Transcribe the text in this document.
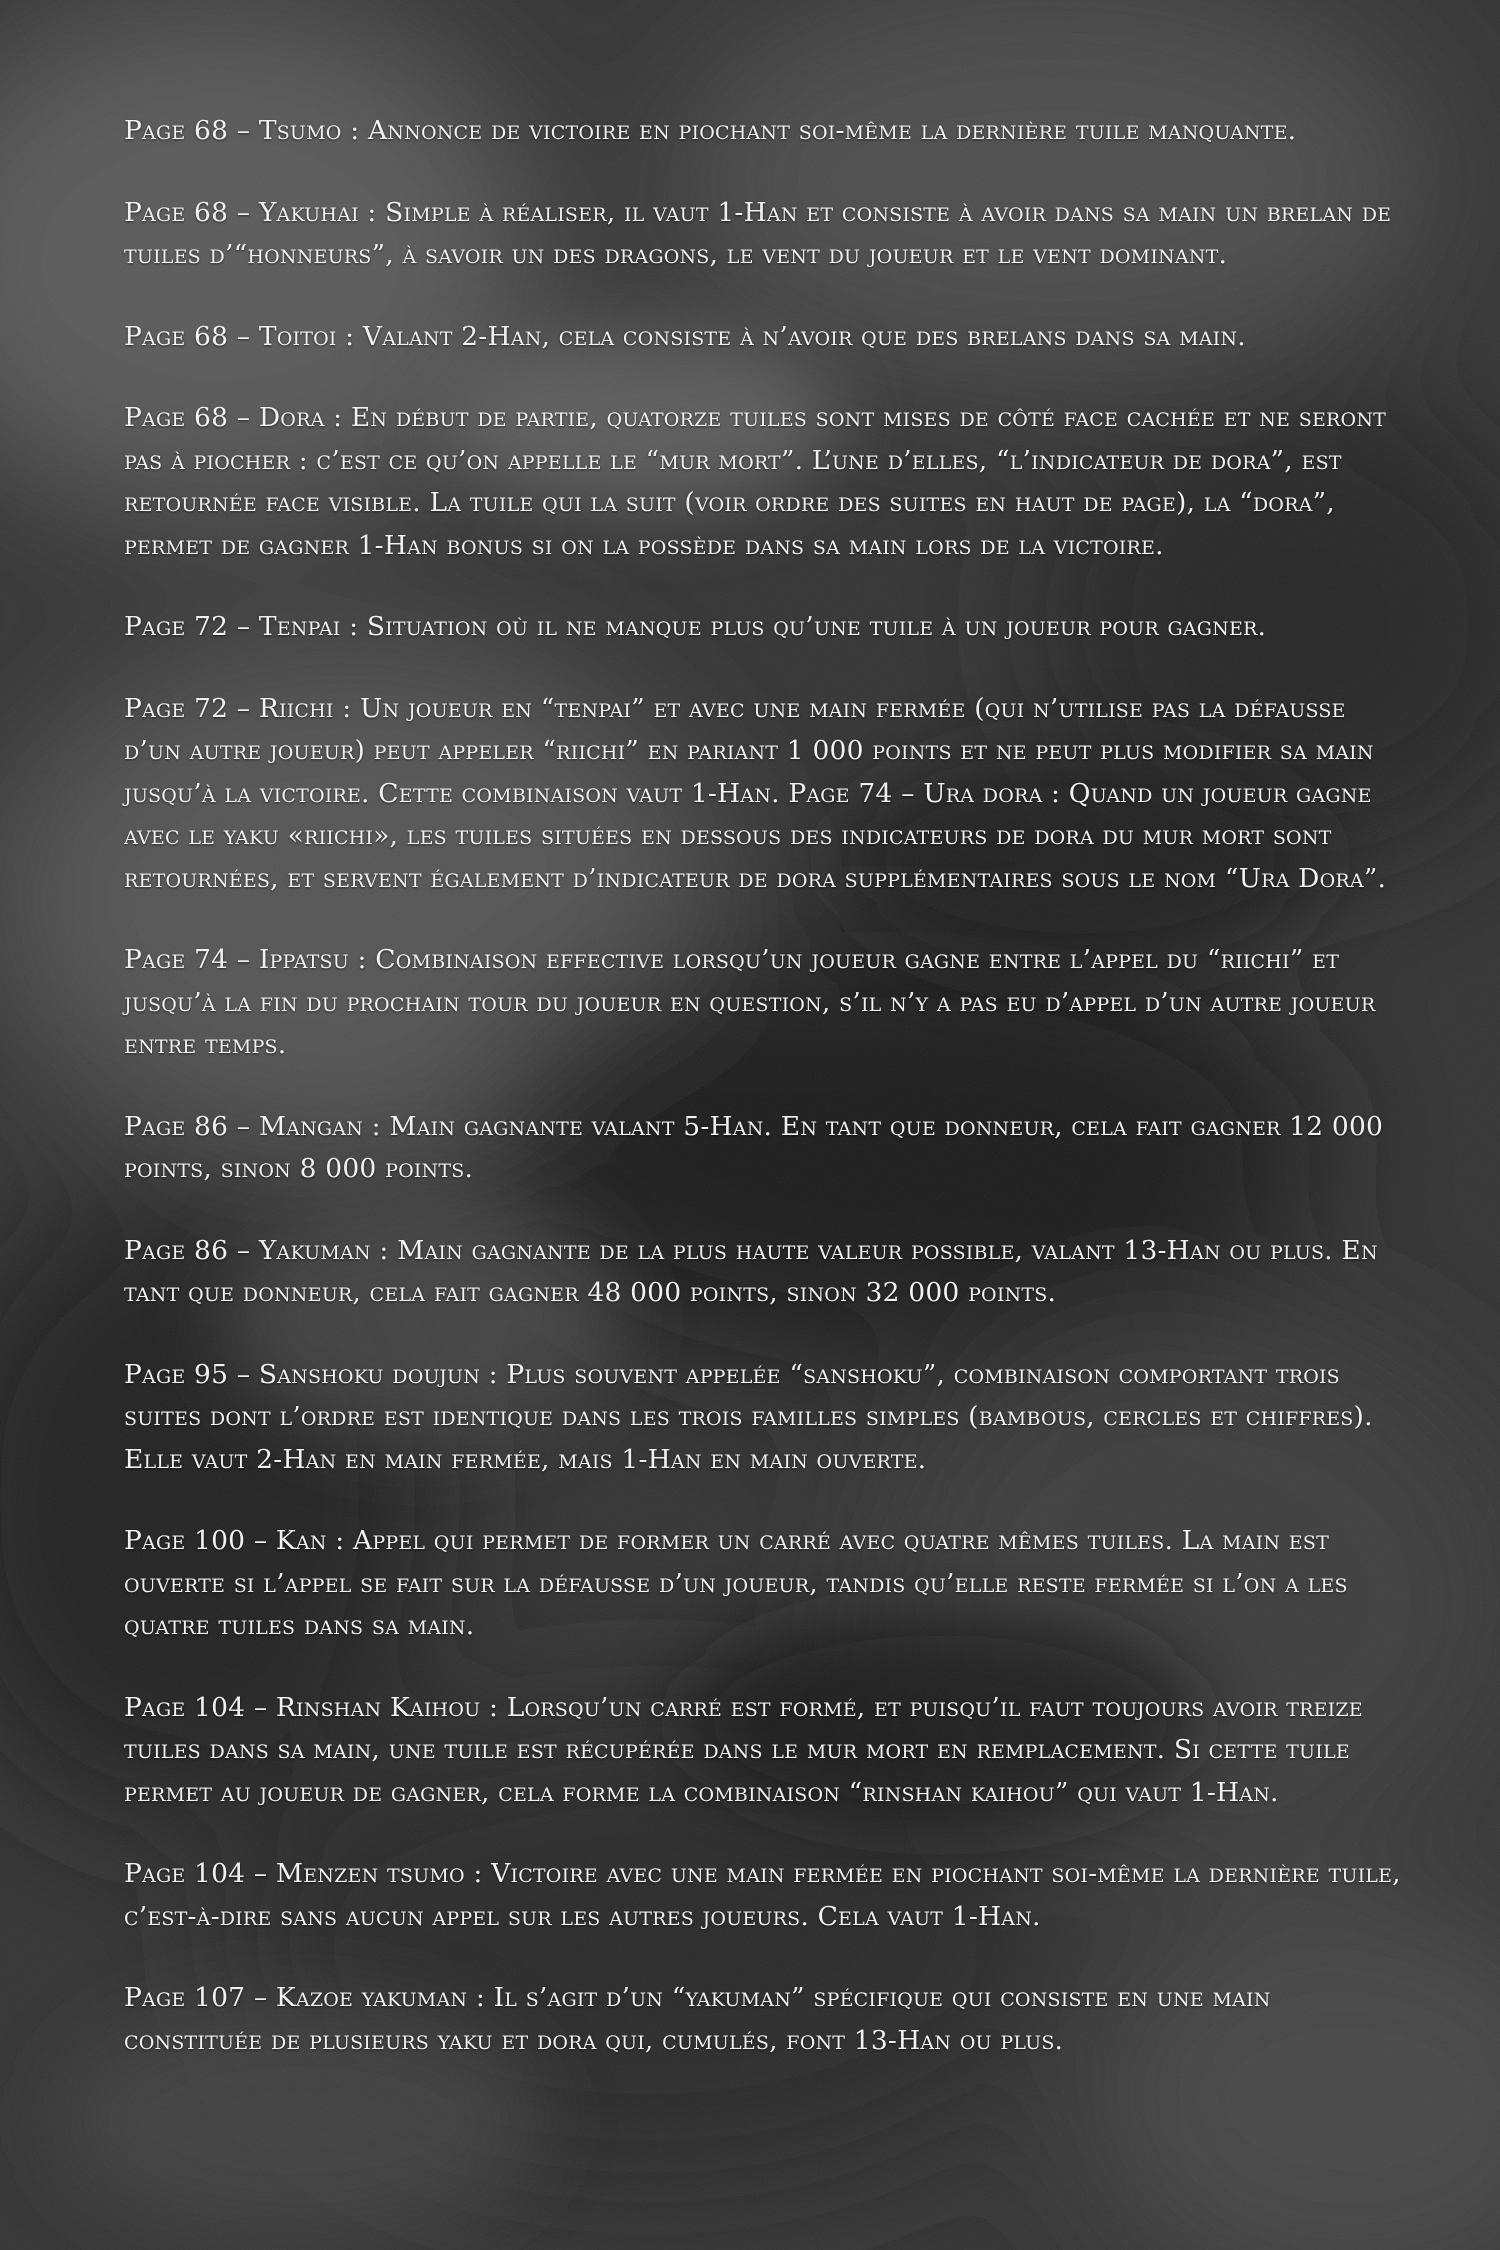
Page 68 – Tsumo : Annonce de victoire en piochant soi-même la dernière tuile manquante.

Page 68 – Yakuhai : Simple à réaliser, il vaut 1-Han et consiste à avoir dans sa main un brelan de tuiles d’“honneurs”, à savoir un des dragons, le vent du joueur et le vent dominant.

Page 68 – Toitoi : Valant 2-Han, cela consiste à n’avoir que des brelans dans sa main.

Page 68 – Dora : En début de partie, quatorze tuiles sont mises de côté face cachée et ne seront pas à piocher : c’est ce qu’on appelle le “mur mort”. L’une d’elles, “l’indicateur de dora”, est retournée face visible. La tuile qui la suit (voir ordre des suites en haut de page), la “dora”, permet de gagner 1-Han bonus si on la possède dans sa main lors de la victoire.

Page 72 – Tenpai : Situation où il ne manque plus qu’une tuile à un joueur pour gagner.

Page 72 – Riichi : Un joueur en “tenpai” et avec une main fermée (qui n’utilise pas la défausse d’un autre joueur) peut appeler “riichi” en pariant 1 000 points et ne peut plus modifier sa main jusqu’à la victoire. Cette combinaison vaut 1-Han. Page 74 – Ura dora : Quand un joueur gagne avec le yaku «riichi», les tuiles situées en dessous des indicateurs de dora du mur mort sont retournées, et servent également d’indicateur de dora supplémentaires sous le nom “Ura Dora”.

Page 74 – Ippatsu : Combinaison effective lorsqu’un joueur gagne entre l’appel du “riichi” et jusqu’à la fin du prochain tour du joueur en question, s’il n’y a pas eu d’appel d’un autre joueur entre temps.

Page 86 – Mangan : Main gagnante valant 5-Han. En tant que donneur, cela fait gagner 12 000 points, sinon 8 000 points.

Page 86 – Yakuman : Main gagnante de la plus haute valeur possible, valant 13-Han ou plus. En tant que donneur, cela fait gagner 48 000 points, sinon 32 000 points.

Page 95 – Sanshoku doujun : Plus souvent appelée “sanshoku”, combinaison comportant trois suites dont l’ordre est identique dans les trois familles simples (bambous, cercles et chiffres). Elle vaut 2-Han en main fermée, mais 1-Han en main ouverte.

Page 100 – Kan : Appel qui permet de former un carré avec quatre mêmes tuiles. La main est ouverte si l’appel se fait sur la défausse d’un joueur, tandis qu’elle reste fermée si l’on a les quatre tuiles dans sa main.

Page 104 – Rinshan Kaihou : Lorsqu’un carré est formé, et puisqu’il faut toujours avoir treize tuiles dans sa main, une tuile est récupérée dans le mur mort en remplacement. Si cette tuile permet au joueur de gagner, cela forme la combinaison “rinshan kaihou” qui vaut 1-Han.

Page 104 – Menzen tsumo : Victoire avec une main fermée en piochant soi-même la dernière tuile, c’est-à-dire sans aucun appel sur les autres joueurs. Cela vaut 1-Han.

Page 107 – Kazoe yakuman : Il s’agit d’un “yakuman” spécifique qui consiste en une main constituée de plusieurs yaku et dora qui, cumulés, font 13-Han ou plus.
